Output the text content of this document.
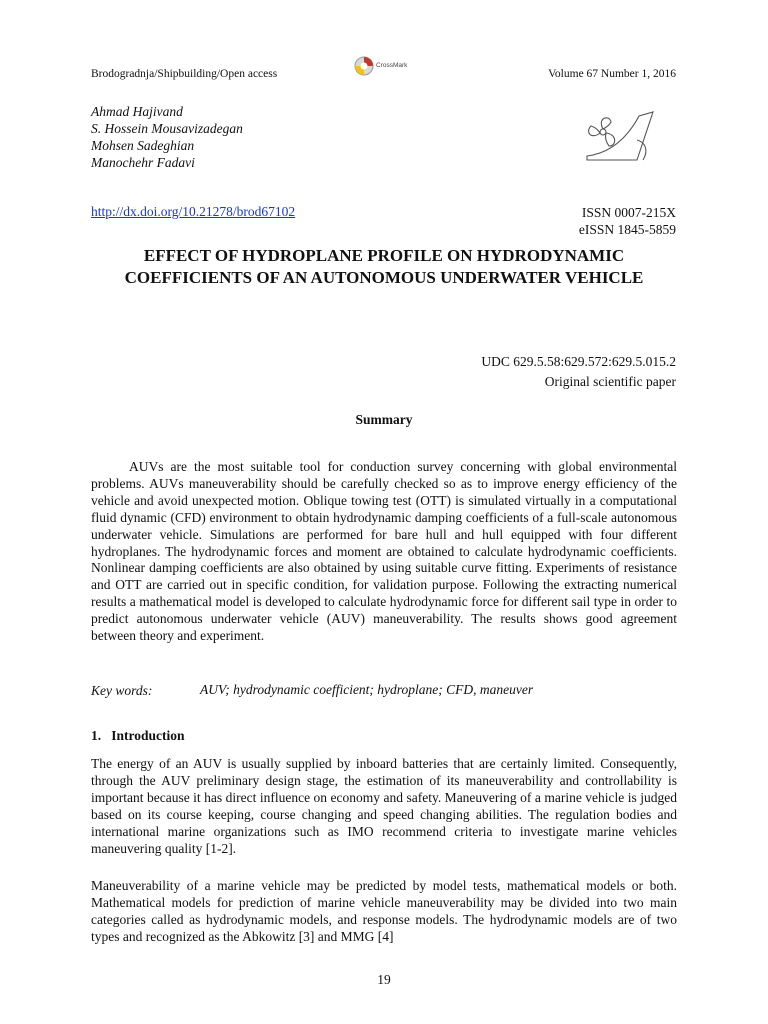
Brodogradnja/Shipbuilding/Open access
CrossMark
Volume 67 Number 1, 2016
Ahmad Hajivand
S. Hossein Mousavizadegan
Mohsen Sadeghian
Manochehr Fadavi
http://dx.doi.org/10.21278/brod67102	ISSN 0007-215X
eISSN 1845-5859
EFFECT OF HYDROPLANE PROFILE ON HYDRODYNAMIC
COEFFICIENTS OF AN AUTONOMOUS UNDERWATER VEHICLE
UDC 629.5.58:629.572:629.5.015.2
Original scientific paper
Summary

AUVs are the most suitable tool for conduction survey concerning with global environmental problems. AUVs maneuverability should be carefully checked so as to improve energy efficiency of the vehicle and avoid unexpected motion. Oblique towing test (OTT) is simulated virtually in a computational fluid dynamic (CFD) environment to obtain hydrodynamic damping coefficients of a full-scale autonomous underwater vehicle. Simulations are performed for bare hull and hull equipped with four different hydroplanes. The hydrodynamic forces and moment are obtained to calculate hydrodynamic coefficients. Nonlinear damping coefficients are also obtained by using suitable curve fitting. Experiments of resistance and OTT are carried out in specific condition, for validation purpose. Following the extracting numerical results a mathematical model is developed to calculate hydrodynamic force for different sail type in order to predict autonomous underwater vehicle (AUV) maneuverability. The results shows good agreement between theory and experiment.

Key words:	AUV; hydrodynamic coefficient; hydroplane; CFD, maneuver
1.   Introduction

The energy of an AUV is usually supplied by inboard batteries that are certainly limited. Consequently, through the AUV preliminary design stage, the estimation of its maneuverability and controllability is important because it has direct influence on economy and safety. Maneuvering of a marine vehicle is judged based on its course keeping, course changing and speed changing abilities. The regulation bodies and international marine organizations such as IMO recommend criteria to investigate marine vehicles maneuvering quality [1-2].

Maneuverability of a marine vehicle may be predicted by model tests, mathematical models or both. Mathematical models for prediction of marine vehicle maneuverability may be divided into two main categories called as hydrodynamic models, and response models. The hydrodynamic models are of two types and recognized as the Abkowitz [3] and MMG [4]

19
